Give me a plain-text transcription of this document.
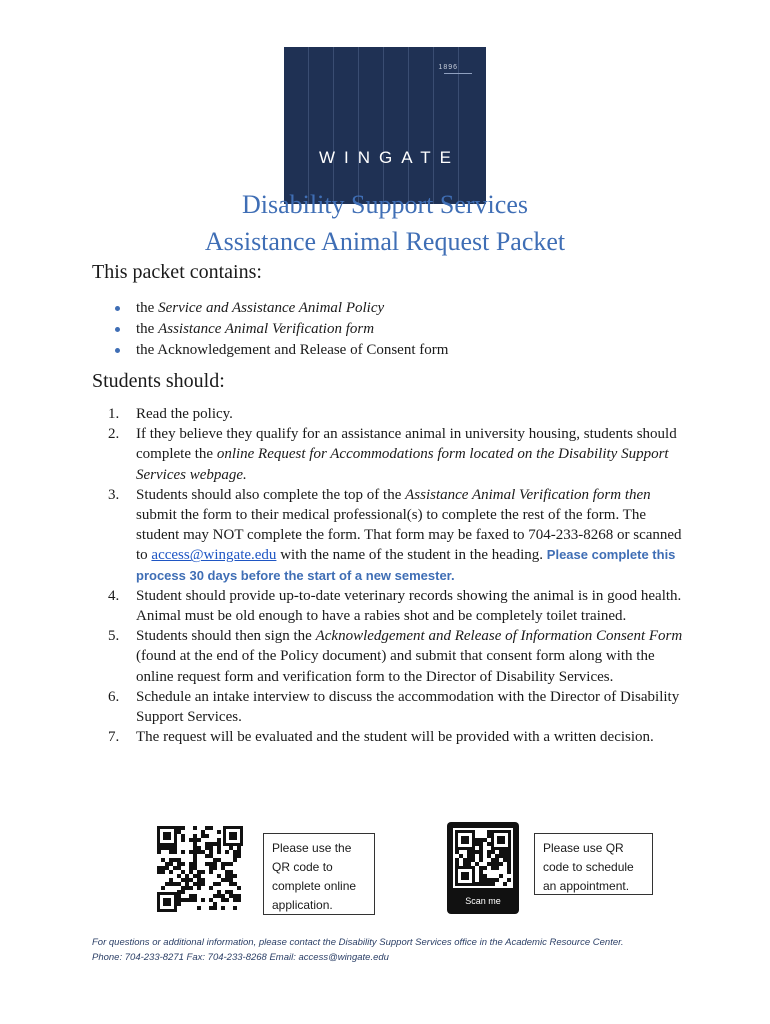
1896
WINGATE
Disability Support Services
Assistance Animal Request Packet
This packet contains:
the Service and Assistance Animal Policy
the Assistance Animal Verification form
the Acknowledgement and Release of Consent form
Students should:
1. Read the policy.
2. If they believe they qualify for an assistance animal in university housing, students should complete the online Request for Accommodations form located on the Disability Support Services webpage.
3. Students should also complete the top of the Assistance Animal Verification form then submit the form to their medical professional(s) to complete the rest of the form. The student may NOT complete the form. That form may be faxed to 704-233-8268 or scanned to access@wingate.edu with the name of the student in the heading. Please complete this process 30 days before the start of a new semester.
4. Student should provide up-to-date veterinary records showing the animal is in good health. Animal must be old enough to have a rabies shot and be completely toilet trained.
5. Students should then sign the Acknowledgement and Release of Information Consent Form (found at the end of the Policy document) and submit that consent form along with the online request form and verification form to the Director of Disability Services.
6. Schedule an intake interview to discuss the accommodation with the Director of Disability Support Services.
7. The request will be evaluated and the student will be provided with a written decision.
Please use the QR code to complete online application.	Scan me
Please use QR code to schedule an appointment.
For questions or additional information, please contact the Disability Support Services office in the Academic Resource Center.
Phone: 704-233-8271 Fax: 704-233-8268 Email: access@wingate.edu
